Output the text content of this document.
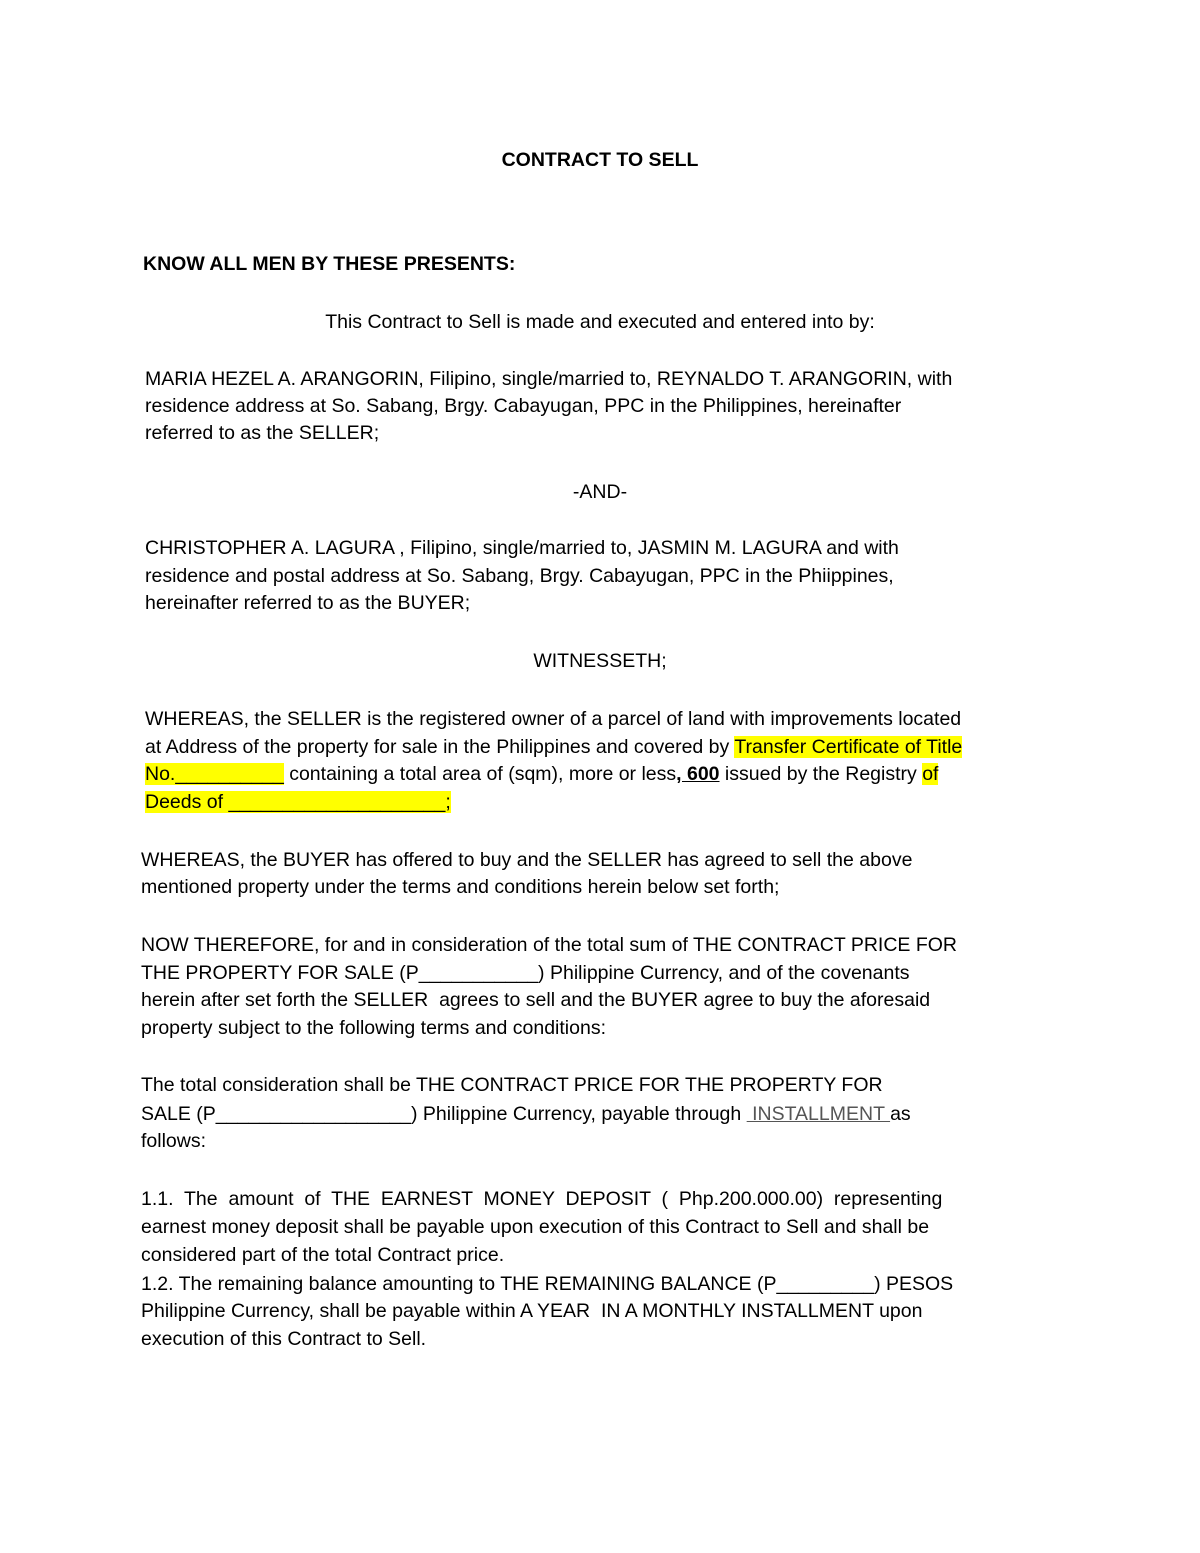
CONTRACT TO SELL
KNOW ALL MEN BY THESE PRESENTS:
This Contract to Sell is made and executed and entered into by:
MARIA HEZEL A. ARANGORIN, Filipino, single/married to, REYNALDO T. ARANGORIN, with
residence address at So. Sabang, Brgy. Cabayugan, PPC in the Philippines, hereinafter
referred to as the SELLER;
-AND-
CHRISTOPHER A. LAGURA , Filipino, single/married to, JASMIN M. LAGURA and with
residence and postal address at So. Sabang, Brgy. Cabayugan, PPC in the Phiippines,
hereinafter referred to as the BUYER;
WITNESSETH;
WHEREAS, the SELLER is the registered owner of a parcel of land with improvements located
at Address of the property for sale in the Philippines and covered by Transfer Certificate of Title
No.__________ containing a total area of (sqm), more or less, 600 issued by the Registry of
Deeds of ____________________;
WHEREAS, the BUYER has offered to buy and the SELLER has agreed to sell the above
mentioned property under the terms and conditions herein below set forth;
NOW THEREFORE, for and in consideration of the total sum of THE CONTRACT PRICE FOR
THE PROPERTY FOR SALE (P___________) Philippine Currency, and of the covenants
herein after set forth the SELLER  agrees to sell and the BUYER agree to buy the aforesaid
property subject to the following terms and conditions:
The total consideration shall be THE CONTRACT PRICE FOR THE PROPERTY FOR
SALE (P__________________) Philippine Currency, payable through  INSTALLMENT as
follows:
1.1.  The  amount  of  THE  EARNEST  MONEY  DEPOSIT  (  Php.200.000.00)  representing
earnest money deposit shall be payable upon execution of this Contract to Sell and shall be
considered part of the total Contract price.
1.2. The remaining balance amounting to THE REMAINING BALANCE (P_________) PESOS
Philippine Currency, shall be payable within A YEAR  IN A MONTHLY INSTALLMENT upon
execution of this Contract to Sell.
